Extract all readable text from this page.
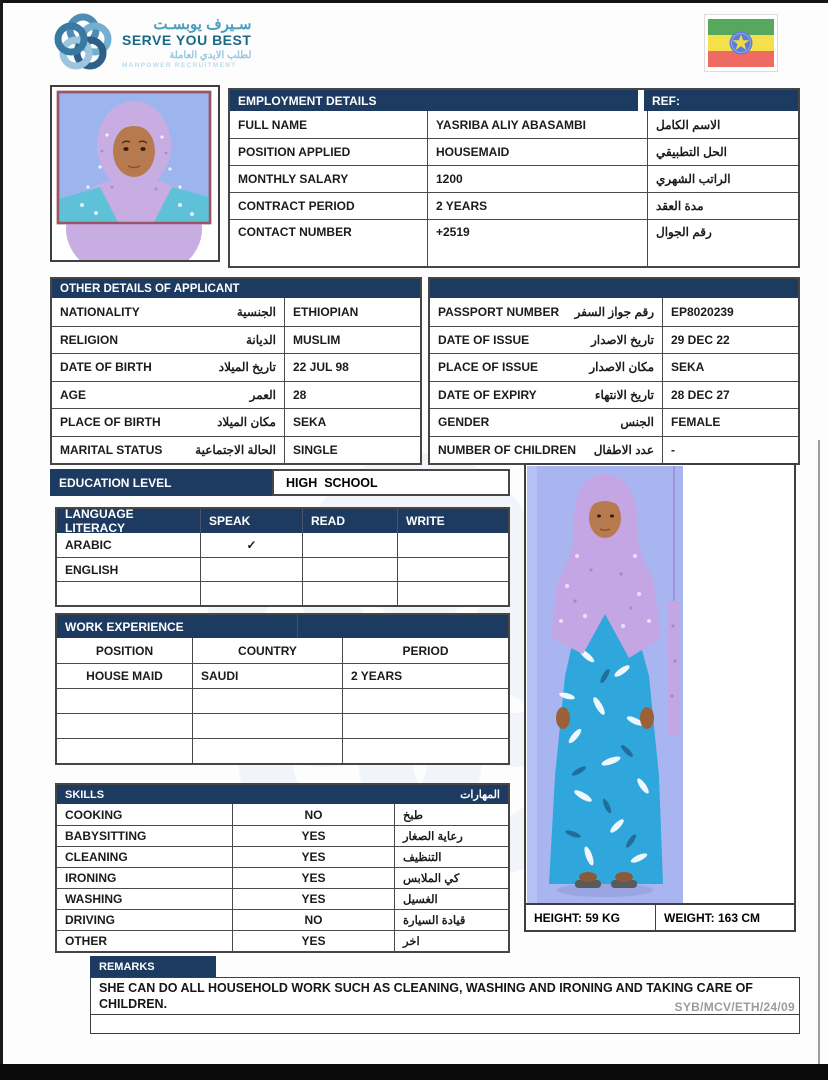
سـيرف يوبسـت
SERVE YOU BEST
لطلب الايدي العاملة
MANPOWER RECRUITMENT
EMPLOYMENT DETAILS	REF:
FULL NAME	YASRIBA ALIY ABASAMBI	الاسم الكامل
POSITION APPLIED	HOUSEMAID	الحل التطبيقي
MONTHLY SALARY	1200	الراتب الشهري
CONTRACT PERIOD	2 YEARS	مدة العقد
CONTACT NUMBER	+2519	رقم الجوال
OTHER DETAILS OF APPLICANT
NATIONALITY	الجنسية	ETHIOPIAN
RELIGION	الديانة	MUSLIM
DATE OF BIRTH	تاريخ الميلاد	22 JUL 98
AGE	العمر	28
PLACE OF BIRTH	مكان الميلاد	SEKA
MARITAL STATUS	الحالة الاجتماعية	SINGLE
PASSPORT NUMBER رقم جواز السفر	EP8020239
DATE OF ISSUE	تاريخ الاصدار	29 DEC 22
PLACE OF ISSUE	مكان الاصدار	SEKA
DATE OF EXPIRY	تاريخ الانتهاء	28 DEC 27
GENDER	الجنس	FEMALE
NUMBER OF CHILDREN عدد الاطفال	-
EDUCATION LEVEL	HIGH  SCHOOL
LANGUAGE LITERACY	SPEAK	READ	WRITE
ARABIC	✓
ENGLISH
WORK EXPERIENCE
POSITION	COUNTRY	PERIOD
HOUSE MAID	SAUDI	2 YEARS
HEIGHT: 59 KG	WEIGHT: 163 CM
SKILLS	المهارات
COOKING	NO	طبخ
BABYSITTING	YES	رعاية الصغار
CLEANING	YES	التنظيف
IRONING	YES	كي الملابس
WASHING	YES	الغسيل
DRIVING	NO	قيادة السيارة
OTHER	YES	اخر
REMARKS
SHE CAN DO ALL HOUSEHOLD WORK SUCH AS CLEANING, WASHING AND IRONING AND TAKING CARE OF CHILDREN.	SYB/MCV/ETH/24/09
